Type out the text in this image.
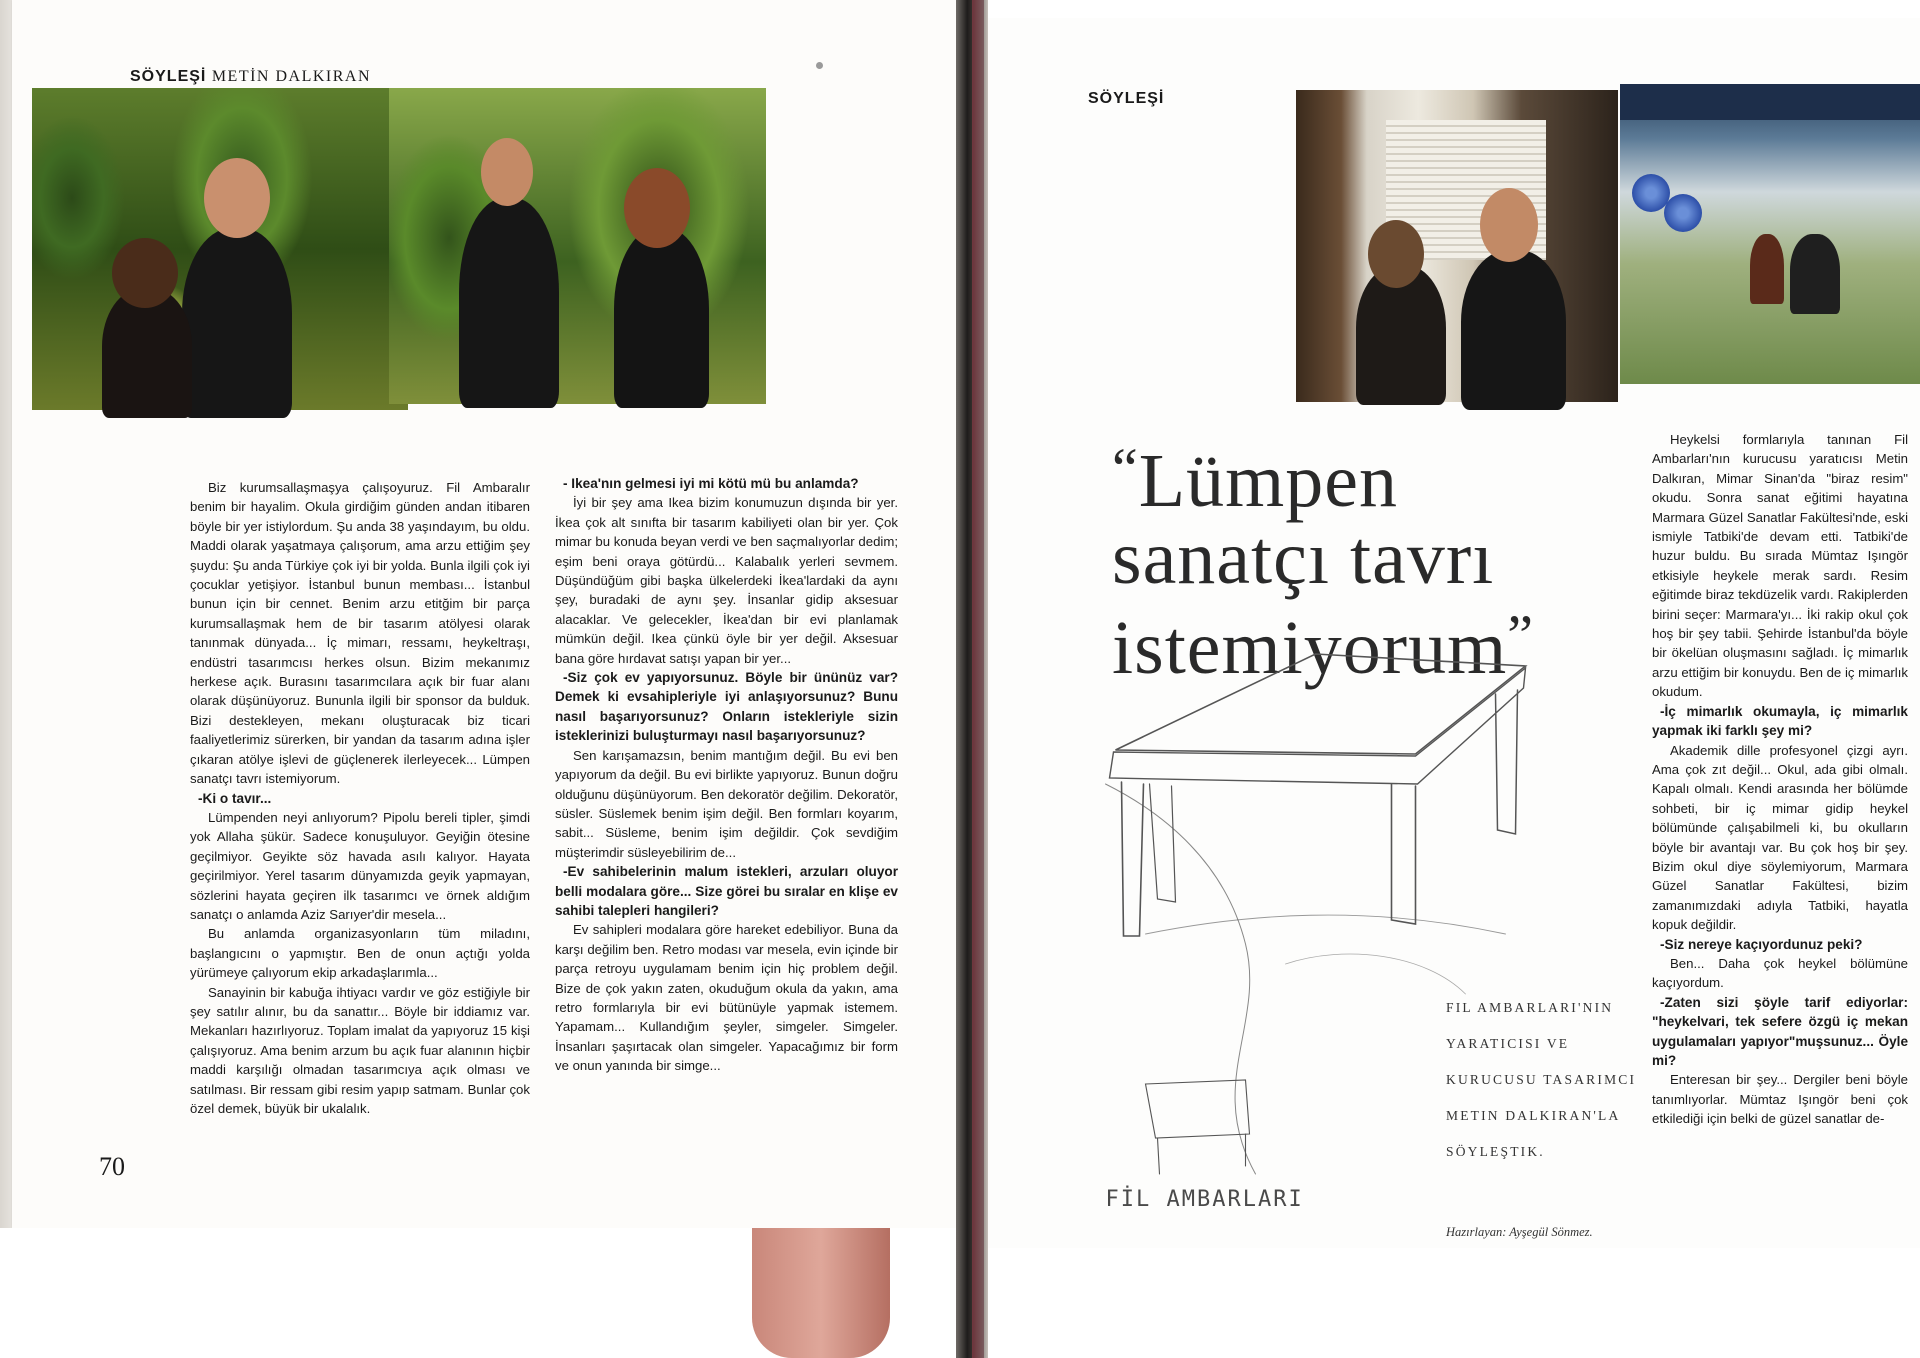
SÖYLEŞİ METİN DALKIRAN

Biz kurumsallaşmaşya çalışoyuruz. Fil Ambaralır benim bir hayalim. Okula girdiğim günden andan itibaren böyle bir yer istiylordum. Şu anda 38 yaşındayım, bu oldu. Maddi olarak yaşatmaya çalışorum, ama arzu ettiğim şey şuydu: Şu anda Türkiye çok iyi bir yolda. Bunla ilgili çok iyi çocuklar yetişiyor. İstanbul bunun membası... İstanbul bunun için bir cennet. Benim arzu etitğim bir parça kurumsallaşmak hem de bir tasarım atölyesi olarak tanınmak dünyada... İç mimarı, ressamı, heykeltraşı, endüstri tasarımcısı herkes olsun. Bizim mekanımız herkese açık. Burasını tasarımcılara açık bir fuar alanı olarak düşünüyoruz. Bununla ilgili bir sponsor da bulduk. Bizi destekleyen, mekanı oluşturacak biz ticari faaliyetlerimiz sürerken, bir yandan da tasarım adına işler çıkaran atölye işlevi de güçlenerek ilerleyecek... Lümpen sanatçı tavrı istemiyorum.

-Ki o tavır...

Lümpenden neyi anlıyorum? Pipolu bereli tipler, şimdi yok Allaha şükür. Sadece konuşuluyor. Geyiğin ötesine geçilmiyor. Geyikte söz havada asılı kalıyor. Hayata geçirilmiyor. Yerel tasarım dünyamızda geyik yapmayan, sözlerini hayata geçiren ilk tasarımcı ve örnek aldığım sanatçı o anlamda Aziz Sarıyer'dir mesela...

Bu anlamda organizasyonların tüm miladını, başlangıcını o yapmıştır. Ben de onun açtığı yolda yürümeye çalıyorum ekip arkadaşlarımla...

Sanayinin bir kabuğa ihtiyacı vardır ve göz estiğiyle bir şey satılır alınır, bu da sanattır... Böyle bir iddiamız var. Mekanları hazırlıyoruz. Toplam imalat da yapıyoruz 15 kişi çalışıyoruz. Ama benim arzum bu açık fuar alanının hiçbir maddi karşılığı olmadan tasarımcıya açık olması ve satılması. Bir ressam gibi resim yapıp satmam. Bunlar çok özel demek, büyük bir ukalalık.

- Ikea'nın gelmesi iyi mi kötü mü bu anlamda?

İyi bir şey ama Ikea bizim konumuzun dışında bir yer. İkea çok alt sınıfta bir tasarım kabiliyeti olan bir yer. Çok mimar bu konuda beyan verdi ve ben saçmalıyorlar dedim; eşim beni oraya götürdü... Kalabalık yerleri sevmem. Düşündüğüm gibi başka ülkelerdeki İkea'lardaki da aynı şey, buradaki de aynı şey. İnsanlar gidip aksesuar alacaklar. Ve gelecekler, İkea'dan bir evi planlamak mümkün değil. Ikea çünkü öyle bir yer değil. Aksesuar bana göre hırdavat satışı yapan bir yer...

-Siz çok ev yapıyorsunuz. Böyle bir ününüz var? Demek ki evsahipleriyle iyi anlaşıyorsunuz? Bunu nasıl başarıyorsunuz? Onların istekleriyle sizin isteklerinizi buluşturmayı nasıl başarıyorsunuz?

Sen karışamazsın, benim mantığım değil. Bu evi ben yapıyorum da değil. Bu evi birlikte yapıyoruz. Bunun doğru olduğunu düşünüyorum. Ben dekoratör değilim. Dekoratör, süsler. Süslemek benim işim değil. Ben formları koyarım, sabit... Süsleme, benim işim değildir. Çok sevdiğim müşterimdir süsleyebilirim de...

-Ev sahibelerinin malum istekleri, arzuları oluyor belli modalara göre... Size görei bu sıralar en klişe ev sahibi talepleri hangileri?

Ev sahipleri modalara göre hareket edebiliyor. Buna da karşı değilim ben. Retro modası var mesela, evin içinde bir parça retroyu uygulamam benim için hiç problem değil. Bize de çok yakın zaten, okuduğum okula da yakın, ama retro formlarıyla bir evi bütünüyle yapmak istemem. Yapamam... Kullandığım şeyler, simgeler. Simgeler. İnsanları şaşırtacak olan simgeler. Yapacağımız bir form ve onun yanında bir simge...

70
SÖYLEŞİ
“Lümpen
sanatçı tavrı
istemiyorum”
FİL AMBARLARI
FIL AMBARLARI'NIN
YARATICISI VE
KURUCUSU TASARIMCI
METIN DALKIRAN'LA
SÖYLEŞTIK.
Hazırlayan: Ayşegül Sönmez.

Heykelsi formlarıyla tanınan Fil Ambarları'nın kurucusu yaratıcısı Metin Dalkıran, Mimar Sinan'da "biraz resim" okudu. Sonra sanat eğitimi hayatına Marmara Güzel Sanatlar Fakültesi'nde, eski ismiyle Tatbiki'de devam etti. Tatbiki'de huzur buldu. Bu sırada Mümtaz Işıngör etkisiyle heykele merak sardı. Resim eğitimde biraz tekdüzelik vardı. Rakiplerden birini seçer: Marmara'yı... İki rakip okul çok hoş bir şey tabii. Şehirde İstanbul'da böyle bir ökelüan oluşmasını sağladı. İç mimarlık arzu ettiğim bir konuydu. Ben de iç mimarlık okudum.

-İç mimarlık okumayla, iç mimarlık yapmak iki farklı şey mi?

Akademik dille profesyonel çizgi ayrı. Ama çok zıt değil... Okul, ada gibi olmalı. Kapalı olmalı. Kendi arasında her bölümde sohbeti, bir iç mimar gidip heykel bölümünde çalışabilmeli ki, bu okulların böyle bir avantajı var. Bu çok hoş bir şey. Bizim okul diye söylemiyorum, Marmara Güzel Sanatlar Fakültesi, bizim zamanımızdaki adıyla Tatbiki, hayatla kopuk değildir.

-Siz nereye kaçıyordunuz peki?

Ben... Daha çok heykel bölümüne kaçıyordum.

-Zaten sizi şöyle tarif ediyorlar: "heykelvari, tek sefere özgü iç mekan uygulamaları yapıyor"muşsunuz... Öyle mi?

Enteresan bir şey... Dergiler beni böyle tanımlıyorlar. Mümtaz Işıngör beni çok etkilediği için belki de güzel sanatlar de-
